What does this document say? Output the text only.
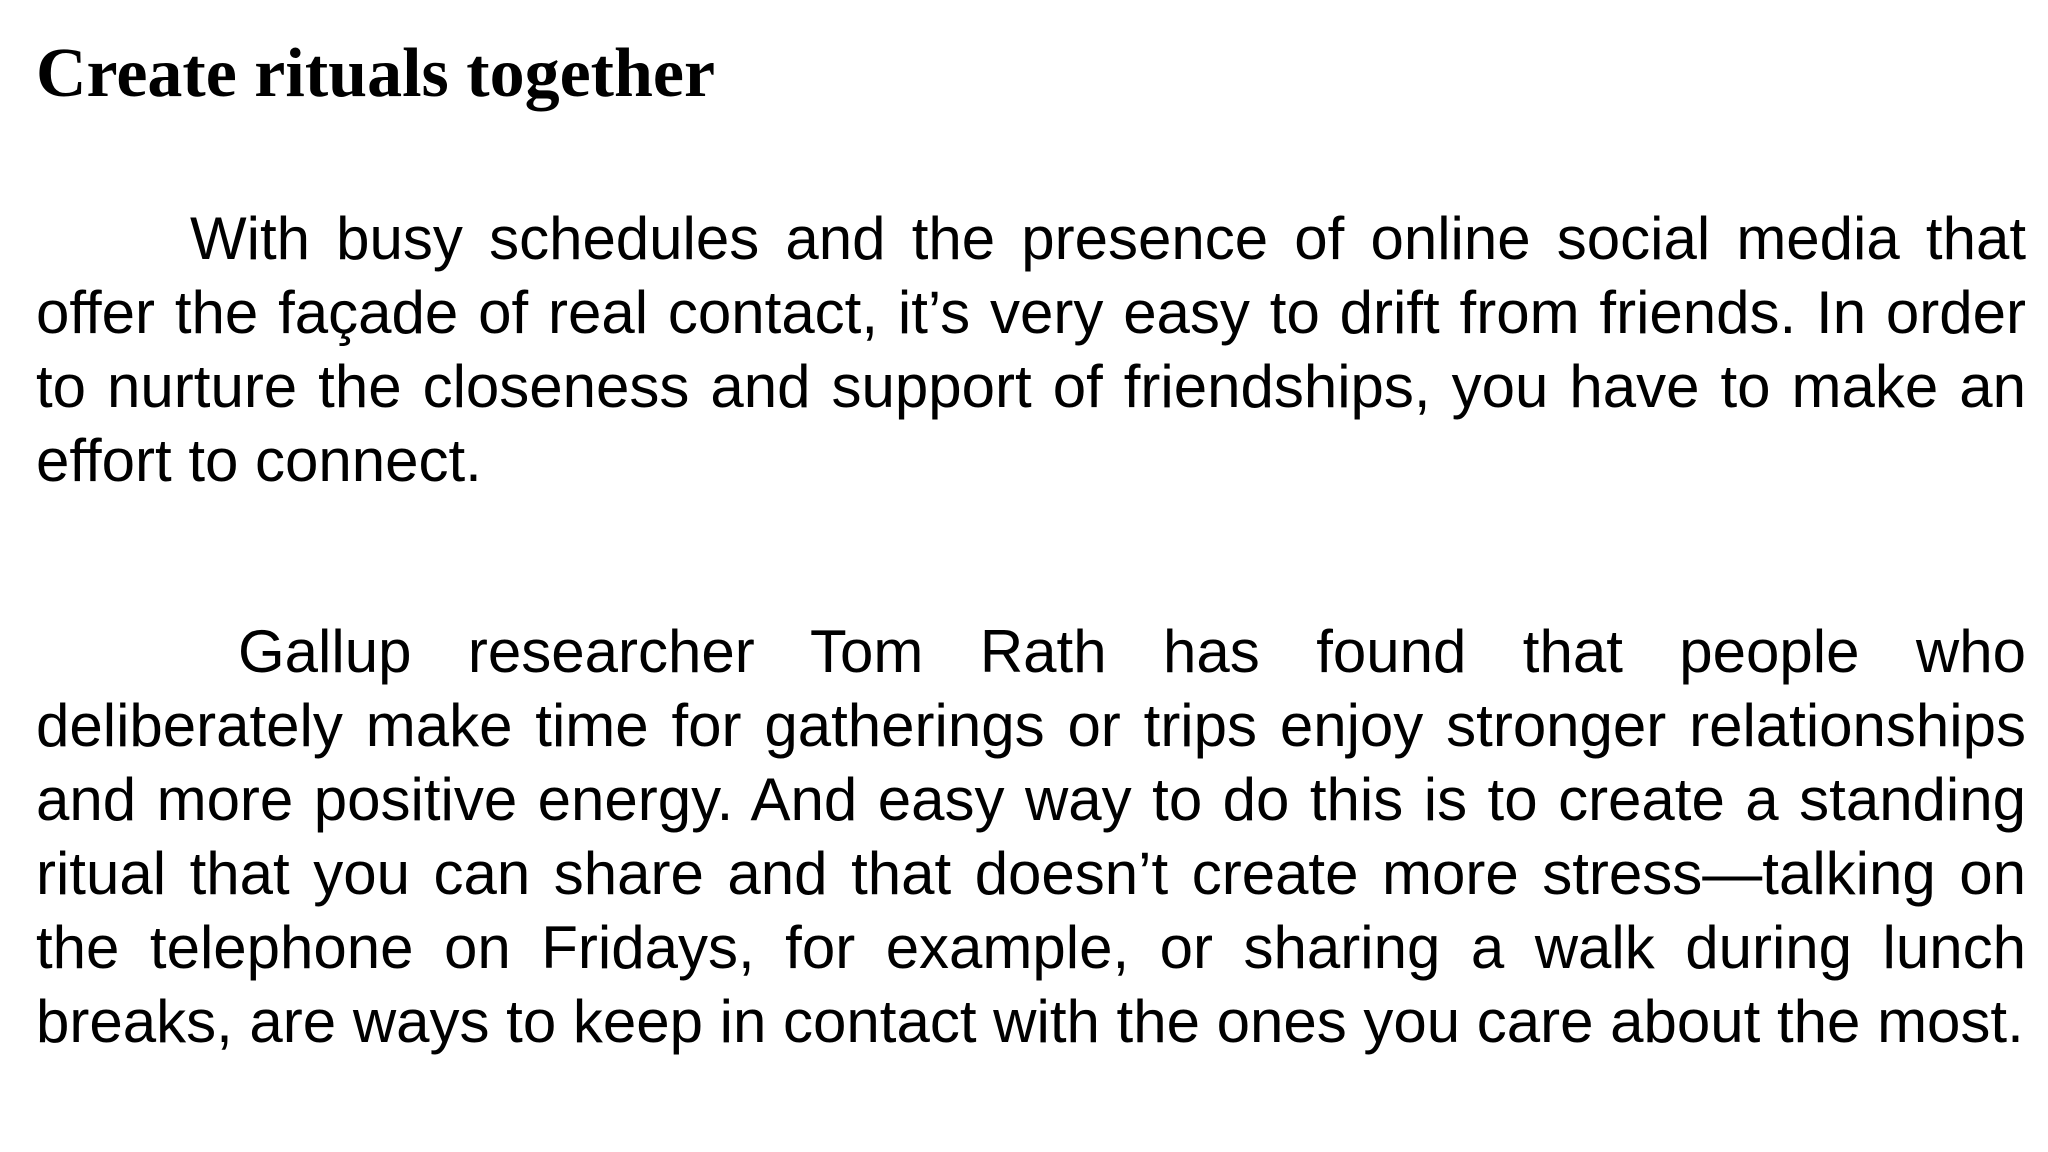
Create rituals together

With busy schedules and the presence of online social media that offer the façade of real contact, it’s very easy to drift from friends. In order to nurture the closeness and support of friendships, you have to make an effort to connect.

Gallup researcher Tom Rath has found that people who deliberately make time for gatherings or trips enjoy stronger relationships and more positive energy. And easy way to do this is to create a standing ritual that you can share and that doesn’t create more stress—talking on the telephone on Fridays, for example, or sharing a walk during lunch breaks, are ways to keep in contact with the ones you care about the most.
